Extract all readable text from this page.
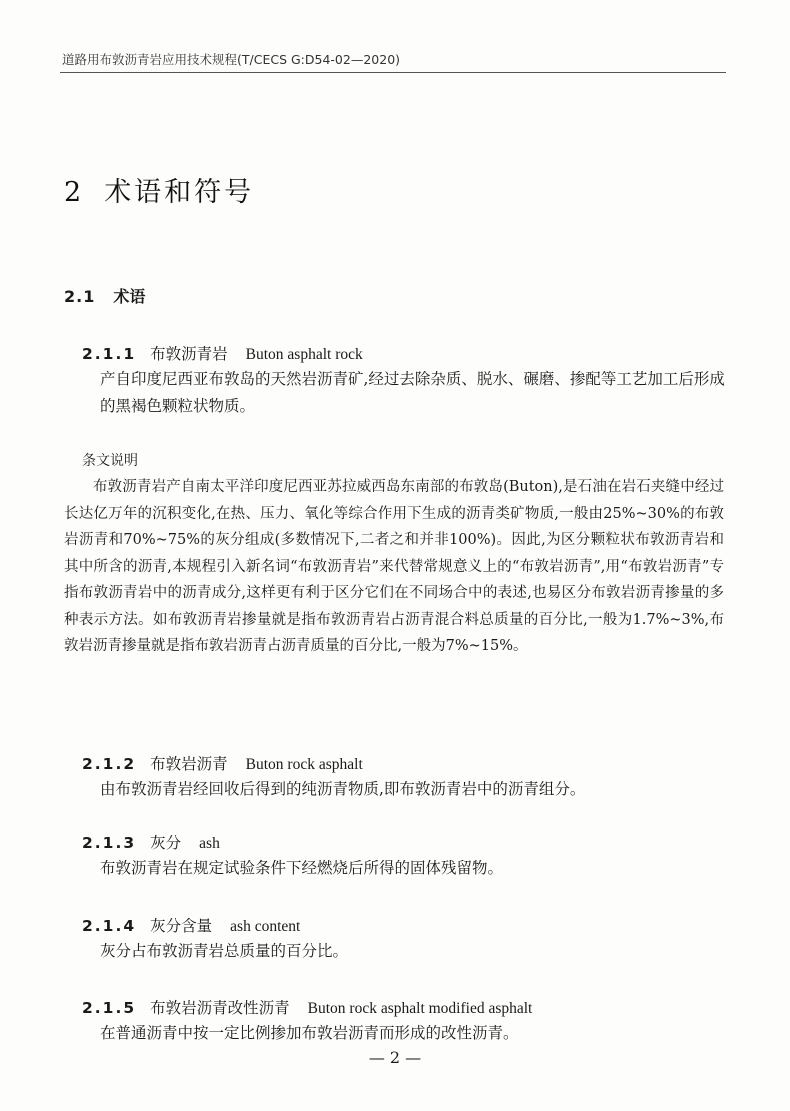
道路用布敦沥青岩应用技术规程(T/CECS G:D54-02—2020)
2 术语和符号
2.1 术语
2.1.1 布敦沥青岩 Buton asphalt rock
产自印度尼西亚布敦岛的天然岩沥青矿,经过去除杂质、脱水、碾磨、掺配等工艺加工后形成的黑褐色颗粒状物质。
条文说明

布敦沥青岩产自南太平洋印度尼西亚苏拉威西岛东南部的布敦岛(Buton),是石油在岩石夹缝中经过长达亿万年的沉积变化,在热、压力、氧化等综合作用下生成的沥青类矿物质,一般由25%~30%的布敦岩沥青和70%~75%的灰分组成(多数情况下,二者之和并非100%)。因此,为区分颗粒状布敦沥青岩和其中所含的沥青,本规程引入新名词“布敦沥青岩”来代替常规意义上的“布敦岩沥青”,用“布敦岩沥青”专指布敦沥青岩中的沥青成分,这样更有利于区分它们在不同场合中的表述,也易区分布敦岩沥青掺量的多种表示方法。如布敦沥青岩掺量就是指布敦沥青岩占沥青混合料总质量的百分比,一般为1.7%~3%,布敦岩沥青掺量就是指布敦岩沥青占沥青质量的百分比,一般为7%~15%。

2.1.2 布敦岩沥青 Buton rock asphalt
由布敦沥青岩经回收后得到的纯沥青物质,即布敦沥青岩中的沥青组分。
2.1.3 灰分 ash
布敦沥青岩在规定试验条件下经燃烧后所得的固体残留物。
2.1.4 灰分含量 ash content
灰分占布敦沥青岩总质量的百分比。
2.1.5 布敦岩沥青改性沥青 Buton rock asphalt modified asphalt
在普通沥青中按一定比例掺加布敦岩沥青而形成的改性沥青。
— 2 —
